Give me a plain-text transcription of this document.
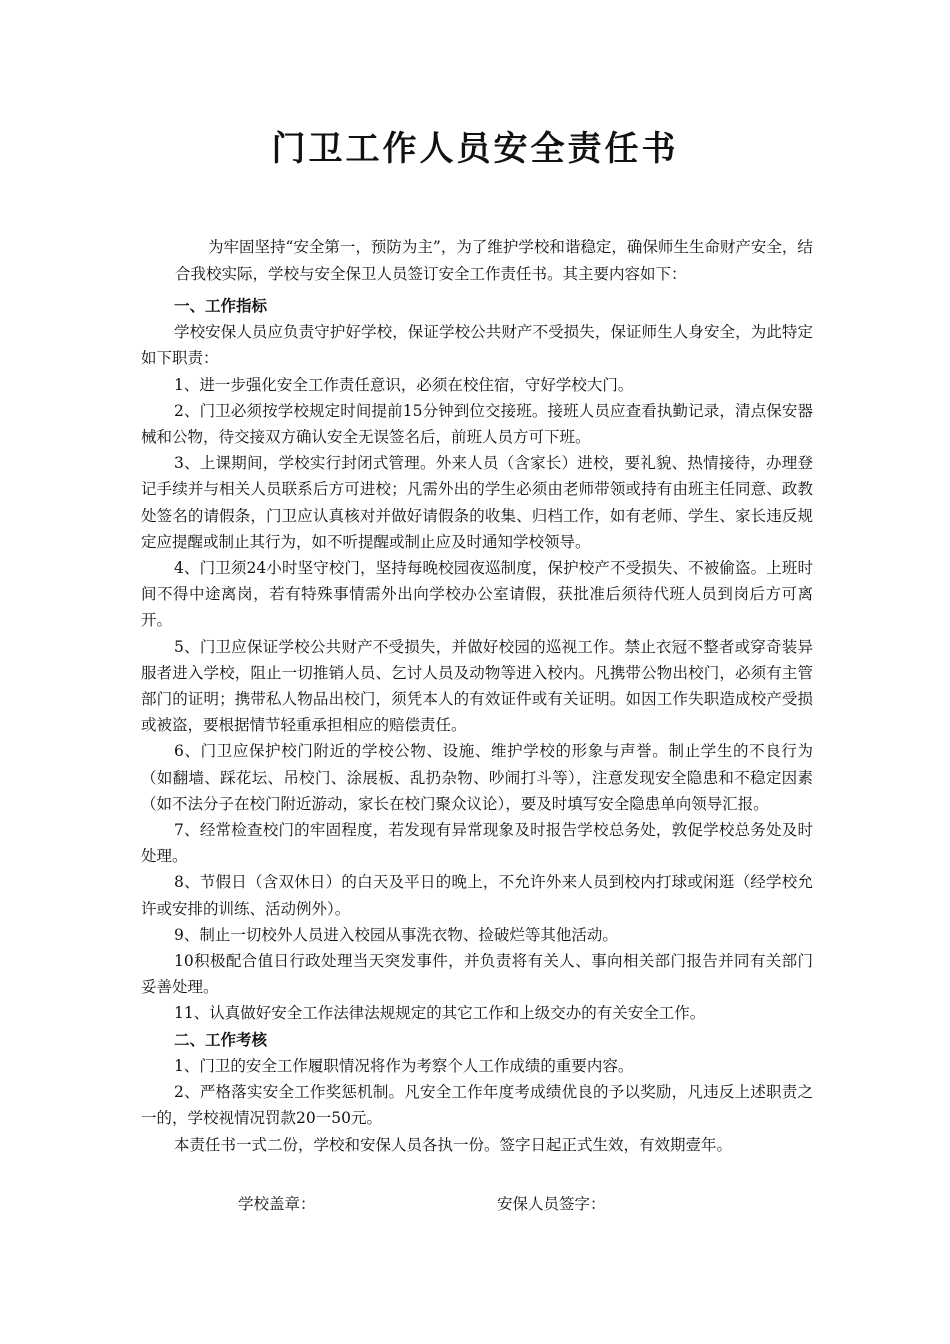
门卫工作人员安全责任书
为牢固坚持“安全第一，预防为主”，为了维护学校和谐稳定，确保师生生命财产安全，结合我校实际，学校与安全保卫人员签订安全工作责任书。其主要内容如下：

一、工作指标

学校安保人员应负责守护好学校，保证学校公共财产不受损失，保证师生人身安全，为此特定如下职责：

1、进一步强化安全工作责任意识，必须在校住宿，守好学校大门。

2、门卫必须按学校规定时间提前15分钟到位交接班。接班人员应查看执勤记录，清点保安器械和公物，待交接双方确认安全无误签名后，前班人员方可下班。

3、上课期间，学校实行封闭式管理。外来人员（含家长）进校，要礼貌、热情接待，办理登记手续并与相关人员联系后方可进校；凡需外出的学生必须由老师带领或持有由班主任同意、政教处签名的请假条，门卫应认真核对并做好请假条的收集、归档工作，如有老师、学生、家长违反规定应提醒或制止其行为，如不听提醒或制止应及时通知学校领导。

4、门卫须24小时坚守校门，坚持每晚校园夜巡制度，保护校产不受损失、不被偷盗。上班时间不得中途离岗，若有特殊事情需外出向学校办公室请假，获批准后须待代班人员到岗后方可离开。

5、门卫应保证学校公共财产不受损失，并做好校园的巡视工作。禁止衣冠不整者或穿奇装异服者进入学校，阻止一切推销人员、乞讨人员及动物等进入校内。凡携带公物出校门，必须有主管部门的证明；携带私人物品出校门，须凭本人的有效证件或有关证明。如因工作失职造成校产受损或被盗，要根据情节轻重承担相应的赔偿责任。

6、门卫应保护校门附近的学校公物、设施、维护学校的形象与声誉。制止学生的不良行为（如翻墙、踩花坛、吊校门、涂展板、乱扔杂物、吵闹打斗等），注意发现安全隐患和不稳定因素（如不法分子在校门附近游动，家长在校门聚众议论），要及时填写安全隐患单向领导汇报。

7、经常检查校门的牢固程度，若发现有异常现象及时报告学校总务处，敦促学校总务处及时处理。

8、节假日（含双休日）的白天及平日的晚上，不允许外来人员到校内打球或闲逛（经学校允许或安排的训练、活动例外）。

9、制止一切校外人员进入校园从事洗衣物、捡破烂等其他活动。

10积极配合值日行政处理当天突发事件，并负责将有关人、事向相关部门报告并同有关部门妥善处理。

11、认真做好安全工作法律法规规定的其它工作和上级交办的有关安全工作。

二、工作考核

1、门卫的安全工作履职情况将作为考察个人工作成绩的重要内容。

2、严格落实安全工作奖惩机制。凡安全工作年度考成绩优良的予以奖励，凡违反上述职责之一的，学校视情况罚款20一50元。

本责任书一式二份，学校和安保人员各执一份。签字日起正式生效，有效期壹年。

学校盖章：	安保人员签字：
